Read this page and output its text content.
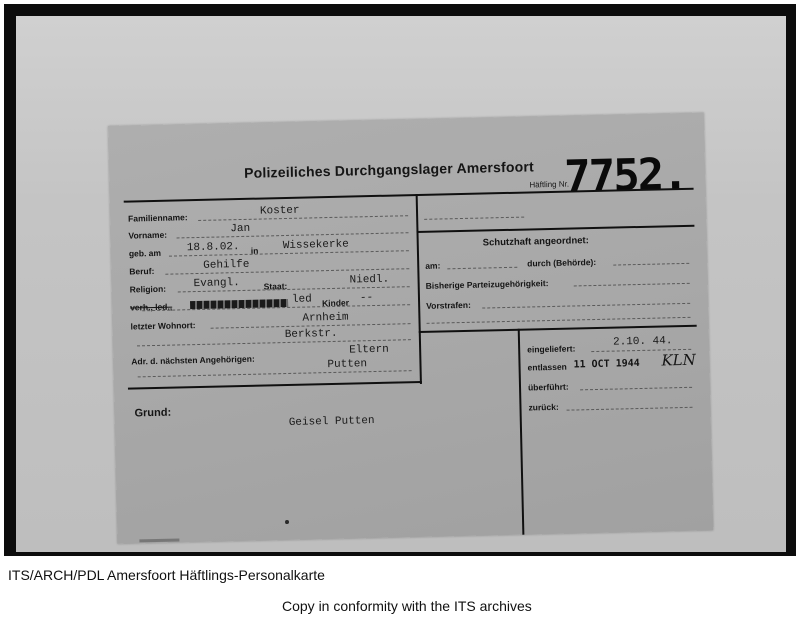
Polizeiliches Durchgangslager Amersfoort
Häftling Nr.
7752.
Familienname:
Koster
Vorname:	Jan
geb. am 18.8.02. in Wissekerke
Beruf:	Gehilfe
Religion: Evangl.	Staat:	Niedl.
verh., led.,
led Kinder --
letzter Wohnort:
Arnheim
Berkstr.
Adr. d. nächsten Angehörigen:
Eltern
Putten
Schutzhaft angeordnet:
am:	durch (Behörde):
Bisherige Parteizugehörigkeit:
Vorstrafen:
eingeliefert:
2.10. 44.
entlassen 11 OCT 1944 KLN
überführt:
zurück:
Grund:
Geisel Putten
ITS/ARCH/PDL Amersfoort Häftlings-Personalkarte
Copy in conformity with the ITS archives
